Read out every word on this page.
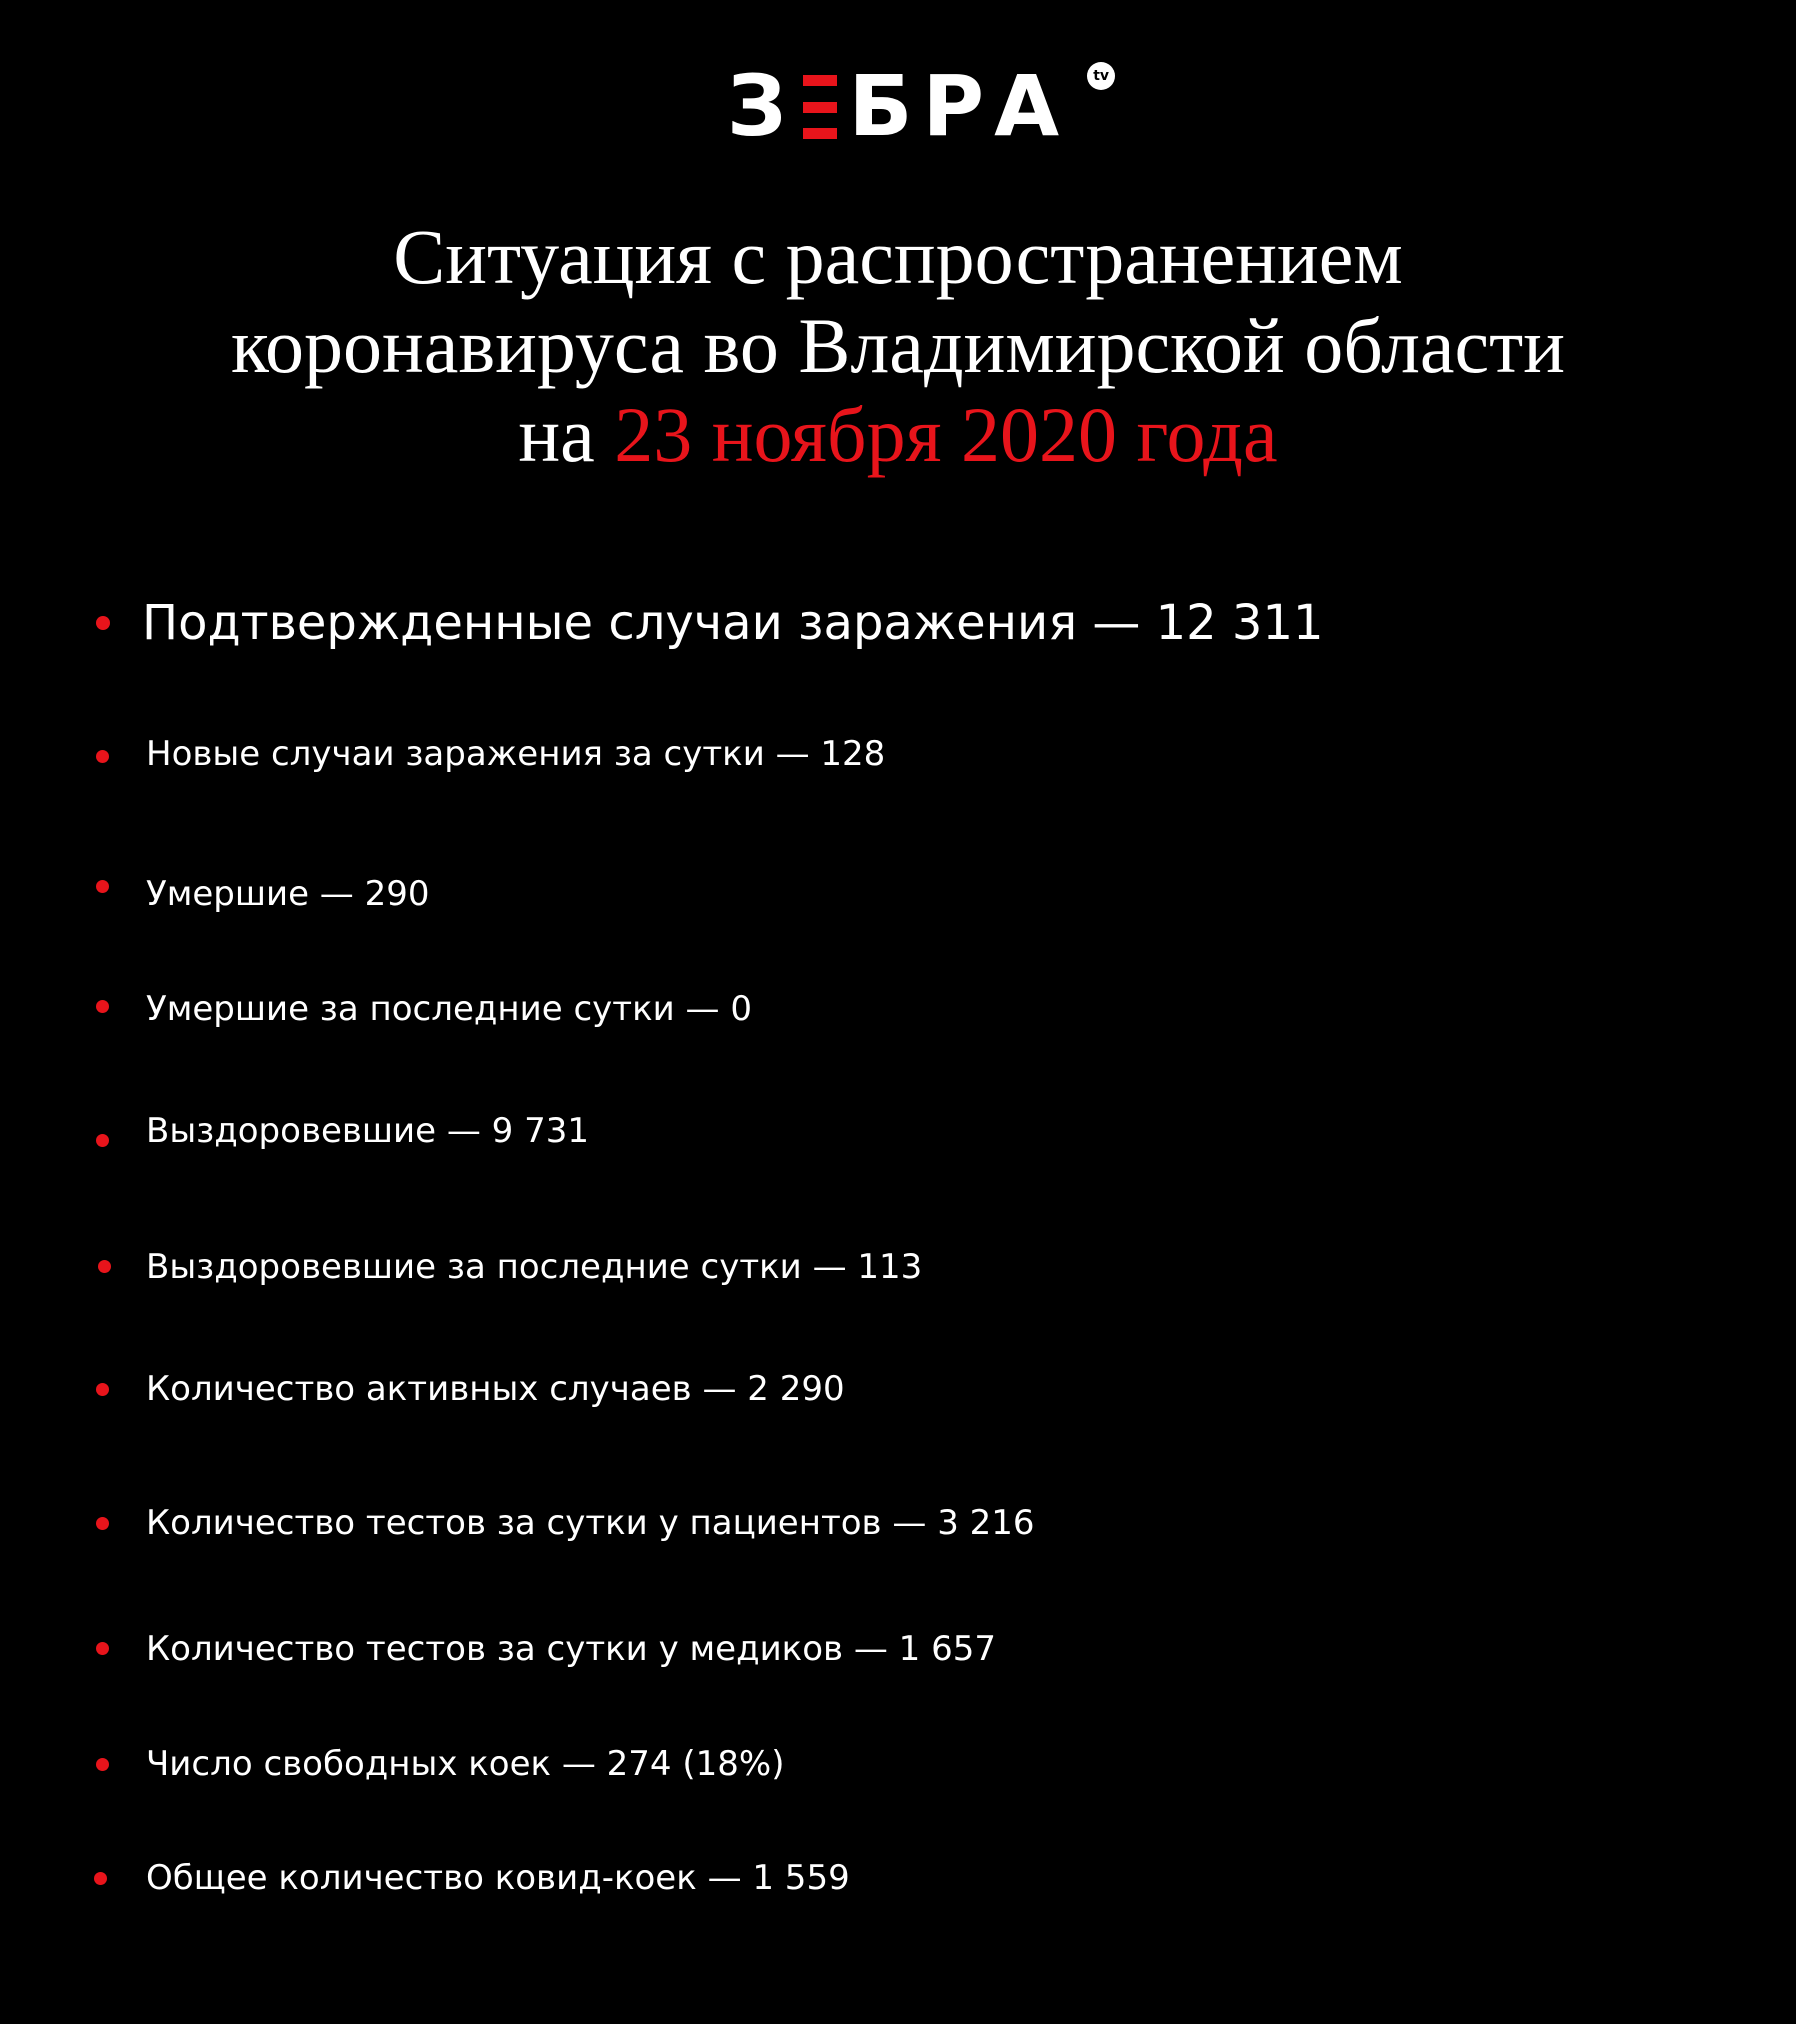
З БРА	tv
Ситуация с распространением
коронавируса во Владимирской области
на 23 ноября 2020 года
Подтвержденные случаи заражения — 12 311
Новые случаи заражения за сутки — 128
Умершие — 290
Умершие за последние сутки — 0
Выздоровевшие — 9 731
Выздоровевшие за последние сутки — 113
Количество активных случаев — 2 290
Количество тестов за сутки у пациентов — 3 216
Количество тестов за сутки у медиков — 1 657
Число свободных коек — 274 (18%)
Общее количество ковид-коек — 1 559
